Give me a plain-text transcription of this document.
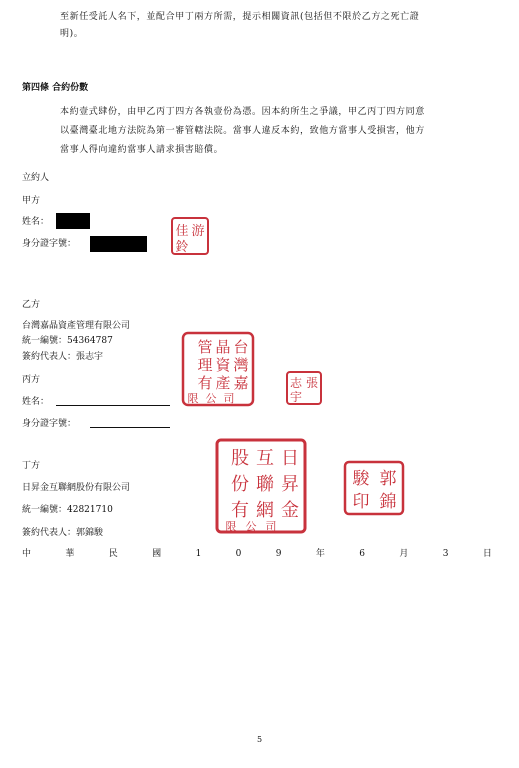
至新任受託人名下，並配合甲丁兩方所需，提示相關資訊(包括但不限於乙方之死亡證
明)。
第四條 合約份數
本約壹式肆份，由甲乙丙丁四方各執壹份為憑。因本約所生之爭議，甲乙丙丁四方同意
以臺灣臺北地方法院為第一審管轄法院。當事人違反本約，致他方當事人受損害，他方
當事人得向違約當事人請求損害賠償。
立約人
甲方
姓名：
身分證字號：
游
佳
鈴
乙方
台灣嘉晶資產管理有限公司
統一編號：54364787
簽約代表人：張志宇
台
灣
嘉
晶
資
產
管
理
有
限 公 司
張
志
宇
丙方
姓名：
身分證字號：
丁方
日昇金互聯網股份有限公司
統一編號：42821710
簽約代表人：郭錦駿
日
昇
金
互
聯
網
股
份
有
限 公 司
郭
錦
駿
印
中	華	民	國	1	0	9	年	6	月	3	日
5
